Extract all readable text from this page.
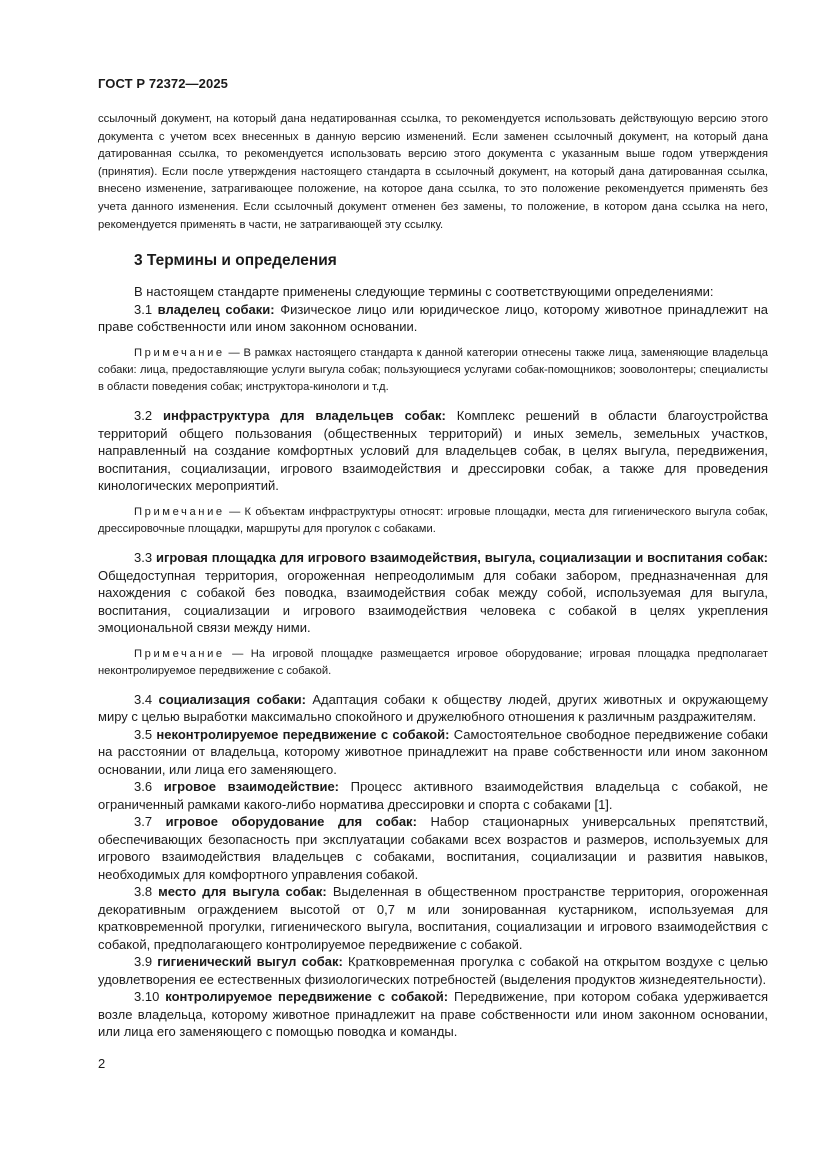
ГОСТ Р 72372—2025
ссылочный документ, на который дана недатированная ссылка, то рекомендуется использовать действующую версию этого документа с учетом всех внесенных в данную версию изменений. Если заменен ссылочный документ, на который дана датированная ссылка, то рекомендуется использовать версию этого документа с указанным выше годом утверждения (принятия). Если после утверждения настоящего стандарта в ссылочный документ, на который дана датированная ссылка, внесено изменение, затрагивающее положение, на которое дана ссылка, то это положение рекомендуется применять без учета данного изменения. Если ссылочный документ отменен без замены, то положение, в котором дана ссылка на него, рекомендуется применять в части, не затрагивающей эту ссылку.
3 Термины и определения

В настоящем стандарте применены следующие термины с соответствующими определениями:

3.1 владелец собаки: Физическое лицо или юридическое лицо, которому животное принадлежит на праве собственности или ином законном основании.

Примечание — В рамках настоящего стандарта к данной категории отнесены также лица, заменяющие владельца собаки: лица, предоставляющие услуги выгула собак; пользующиеся услугами собак-помощников; зооволонтеры; специалисты в области поведения собак; инструктора-кинологи и т.д.

3.2 инфраструктура для владельцев собак: Комплекс решений в области благоустройства территорий общего пользования (общественных территорий) и иных земель, земельных участков, направленный на создание комфортных условий для владельцев собак, в целях выгула, передвижения, воспитания, социализации, игрового взаимодействия и дрессировки собак, а также для проведения кинологических мероприятий.

Примечание — К объектам инфраструктуры относят: игровые площадки, места для гигиенического выгула собак, дрессировочные площадки, маршруты для прогулок с собаками.

3.3 игровая площадка для игрового взаимодействия, выгула, социализации и воспитания собак: Общедоступная территория, огороженная непреодолимым для собаки забором, предназначенная для нахождения с собакой без поводка, взаимодействия собак между собой, используемая для выгула, воспитания, социализации и игрового взаимодействия человека с собакой в целях укрепления эмоциональной связи между ними.

Примечание — На игровой площадке размещается игровое оборудование; игровая площадка предполагает неконтролируемое передвижение с собакой.

3.4 социализация собаки: Адаптация собаки к обществу людей, других животных и окружающему миру с целью выработки максимально спокойного и дружелюбного отношения к различным раздражителям.

3.5 неконтролируемое передвижение с собакой: Самостоятельное свободное передвижение собаки на расстоянии от владельца, которому животное принадлежит на праве собственности или ином законном основании, или лица его заменяющего.

3.6 игровое взаимодействие: Процесс активного взаимодействия владельца с собакой, не ограниченный рамками какого-либо норматива дрессировки и спорта с собаками [1].

3.7 игровое оборудование для собак: Набор стационарных универсальных препятствий, обеспечивающих безопасность при эксплуатации собаками всех возрастов и размеров, используемых для игрового взаимодействия владельцев с собаками, воспитания, социализации и развития навыков, необходимых для комфортного управления собакой.

3.8 место для выгула собак: Выделенная в общественном пространстве территория, огороженная декоративным ограждением высотой от 0,7 м или зонированная кустарником, используемая для кратковременной прогулки, гигиенического выгула, воспитания, социализации и игрового взаимодействия с собакой, предполагающего контролируемое передвижение с собакой.

3.9 гигиенический выгул собак: Кратковременная прогулка с собакой на открытом воздухе с целью удовлетворения ее естественных физиологических потребностей (выделения продуктов жизнедеятельности).

3.10 контролируемое передвижение с собакой: Передвижение, при котором собака удерживается возле владельца, которому животное принадлежит на праве собственности или ином законном основании, или лица его заменяющего с помощью поводка и команды.

2
